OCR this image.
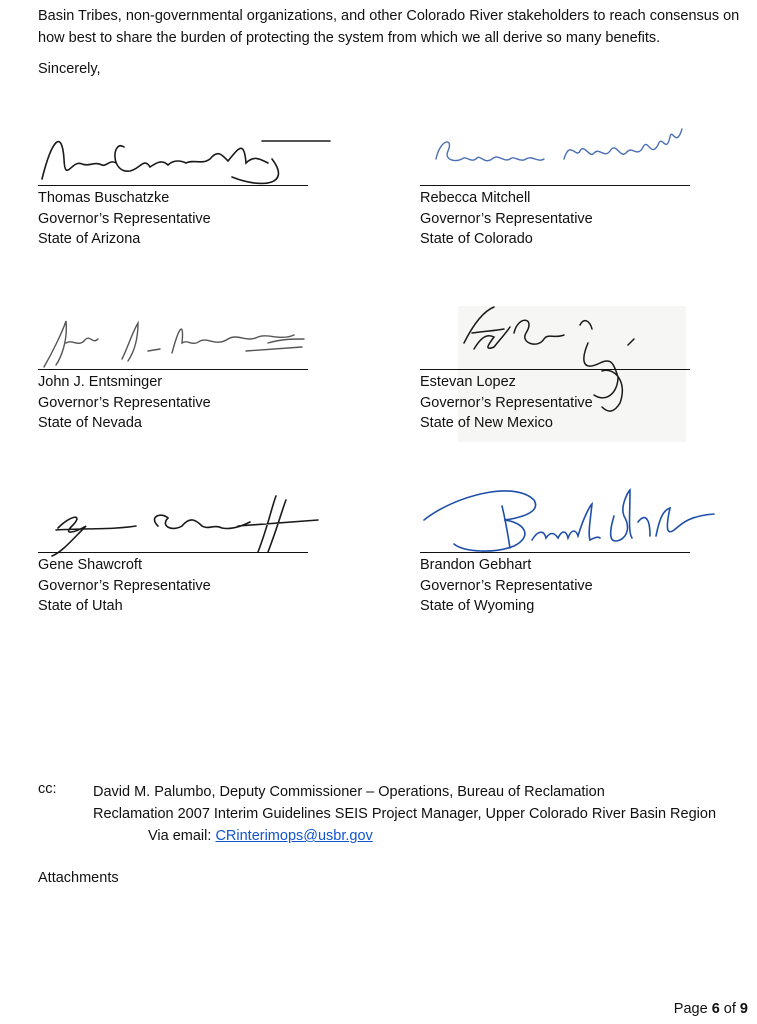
Basin Tribes, non-governmental organizations, and other Colorado River stakeholders to reach consensus on how best to share the burden of protecting the system from which we all derive so many benefits.

Sincerely,
Thomas Buschatzke
Governor’s Representative
State of Arizona
Rebecca Mitchell
Governor’s Representative
State of Colorado
John J. Entsminger
Governor’s Representative
State of Nevada
Estevan Lopez
Governor’s Representative
State of New Mexico
Gene Shawcroft
Governor’s Representative
State of Utah
Brandon Gebhart
Governor’s Representative
State of Wyoming
cc:	David M. Palumbo, Deputy Commissioner – Operations, Bureau of Reclamation
Reclamation 2007 Interim Guidelines SEIS Project Manager, Upper Colorado River Basin Region
Via email: CRinterimops@usbr.gov
Attachments
Page 6 of 9
